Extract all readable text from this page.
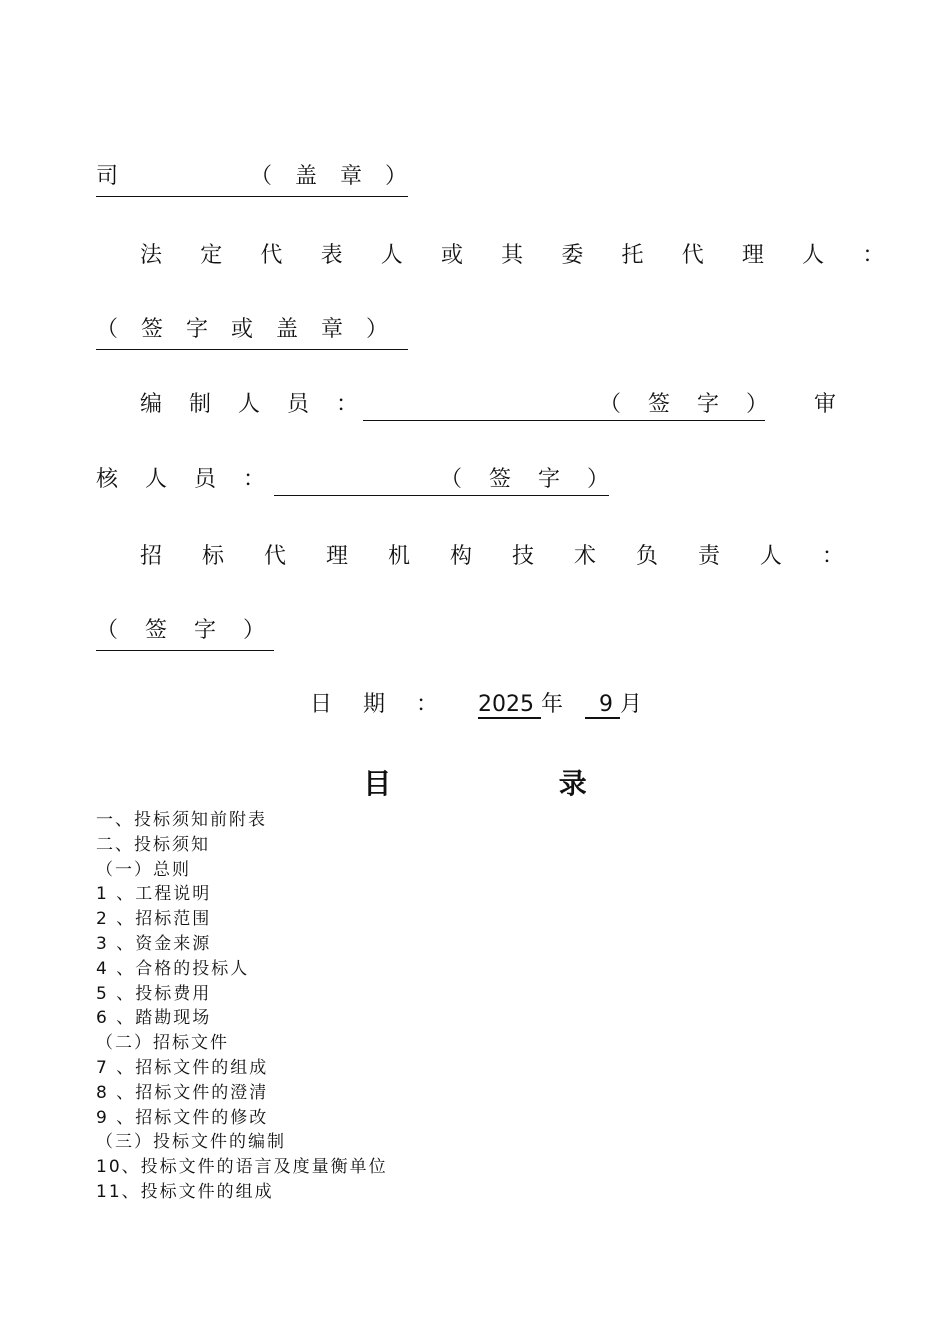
司	（ 盖 章 ）
法 定 代 表 人 或 其 委 托 代 理 人 ：
（ 签 字 或 盖 章 ）
编 制 人 员 ：	（ 签 字 ） 审
核 人 员 ：	（ 签 字 ）
招 标 代 理 机 构 技 术 负 责 人 ：
（ 签 字 ）
日 期 ： 2025 年    9 月
目	录
一、投标须知前附表
二、投标须知
（一）总则
1 、工程说明
2 、招标范围
3 、资金来源
4 、合格的投标人
5 、投标费用
6 、踏勘现场
（二）招标文件
7 、招标文件的组成
8 、招标文件的澄清
9 、招标文件的修改
（三）投标文件的编制
10、投标文件的语言及度量衡单位
11、投标文件的组成
